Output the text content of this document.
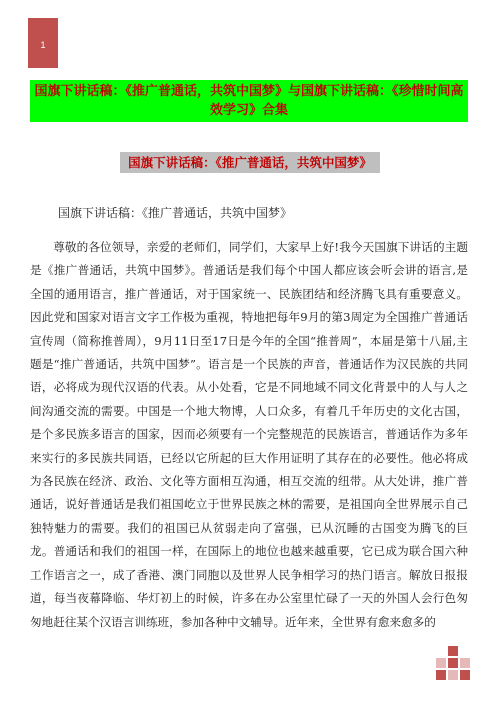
1
国旗下讲话稿：《推广普通话，共筑中国梦》与国旗下讲话稿：《珍惜时间高效学习》合集
国旗下讲话稿：《推广普通话，共筑中国梦》
国旗下讲话稿：《推广普通话，共筑中国梦》
尊敬的各位领导，亲爱的老师们，同学们，大家早上好!我今天国旗下讲话的主题是《推广普通话，共筑中国梦》。普通话是我们每个中国人都应该会听会讲的语言,是全国的通用语言，推广普通话，对于国家统一、民族团结和经济腾飞具有重要意义。因此党和国家对语言文字工作极为重视，特地把每年9月的第3周定为全国推广普通话宣传周（简称推普周），9月11日至17日是今年的全国“推普周”，本届是第十八届,主题是“推广普通话，共筑中国梦”。语言是一个民族的声音，普通话作为汉民族的共同语，必将成为现代汉语的代表。从小处看，它是不同地域不同文化背景中的人与人之间沟通交流的需要。中国是一个地大物博，人口众多，有着几千年历史的文化古国，是个多民族多语言的国家，因而必须要有一个完整规范的民族语言，普通话作为多年来实行的多民族共同语，已经以它所起的巨大作用证明了其存在的必要性。他必将成为各民族在经济、政治、文化等方面相互沟通，相互交流的纽带。从大处讲，推广普通话，说好普通话是我们祖国屹立于世界民族之林的需要，是祖国向全世界展示自己独特魅力的需要。我们的祖国已从贫弱走向了富强，已从沉睡的古国变为腾飞的巨龙。普通话和我们的祖国一样，在国际上的地位也越来越重要，它已成为联合国六种工作语言之一，成了香港、澳门同胞以及世界人民争相学习的热门语言。解放日报报道，每当夜幕降临、华灯初上的时候，许多在办公室里忙碌了一天的外国人会行色匆匆地赶往某个汉语言训练班，参加各种中文辅导。近年来，全世界有愈来愈多的
